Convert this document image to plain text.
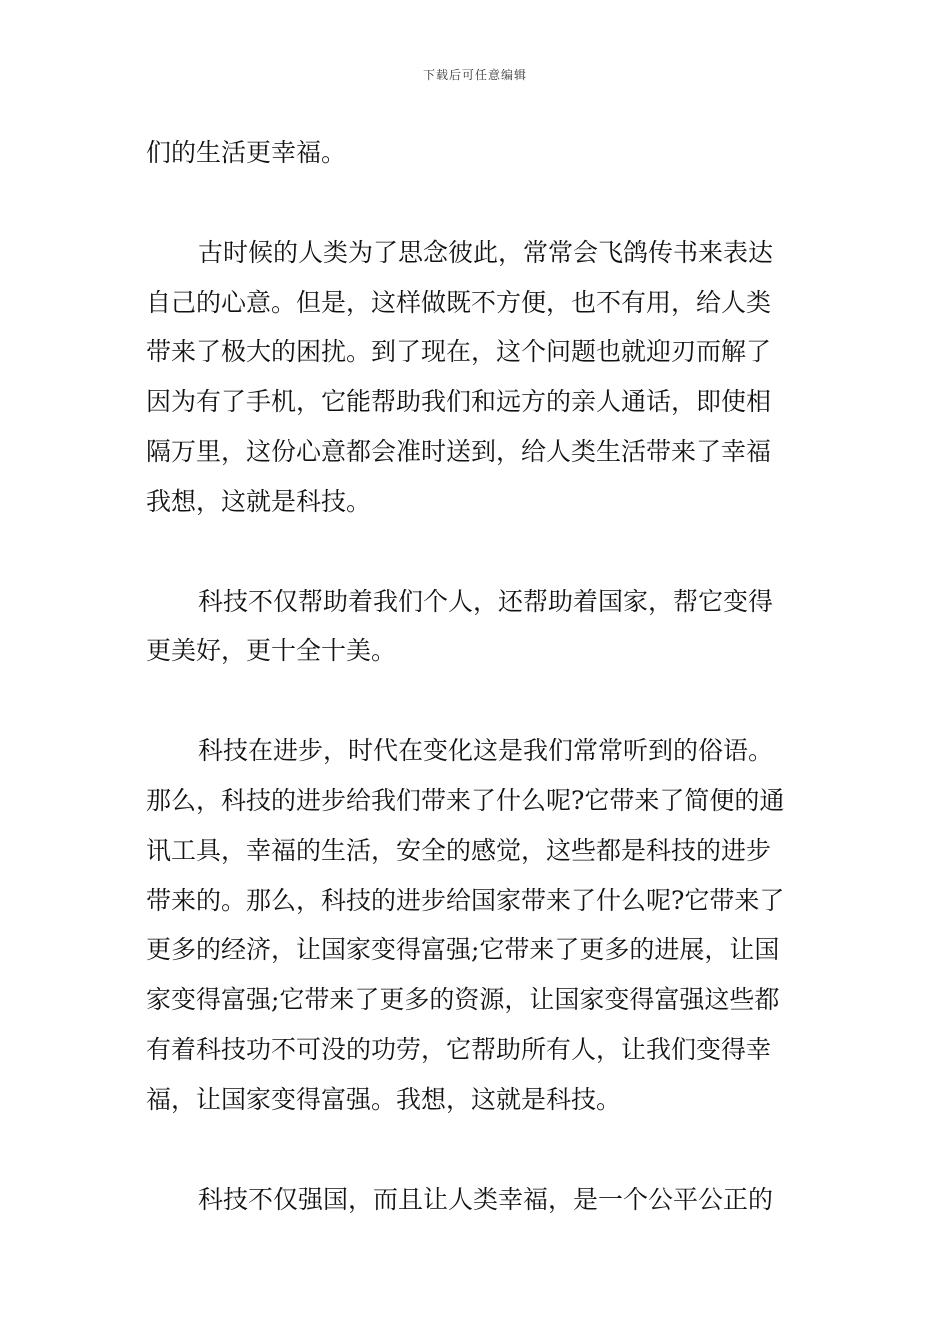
下载后可任意编辑
们的生活更幸福。
古时候的人类为了思念彼此，常常会飞鸽传书来表达
自己的心意。但是，这样做既不方便，也不有用，给人类
带来了极大的困扰。到了现在，这个问题也就迎刃而解了
因为有了手机，它能帮助我们和远方的亲人通话，即使相
隔万里，这份心意都会准时送到，给人类生活带来了幸福
我想，这就是科技。
科技不仅帮助着我们个人，还帮助着国家，帮它变得
更美好，更十全十美。
科技在进步，时代在变化这是我们常常听到的俗语。
那么，科技的进步给我们带来了什么呢?它带来了简便的通
讯工具，幸福的生活，安全的感觉，这些都是科技的进步
带来的。那么，科技的进步给国家带来了什么呢?它带来了
更多的经济，让国家变得富强;它带来了更多的进展，让国
家变得富强;它带来了更多的资源，让国家变得富强这些都
有着科技功不可没的功劳，它帮助所有人，让我们变得幸
福，让国家变得富强。我想，这就是科技。
科技不仅强国，而且让人类幸福，是一个公平公正的
